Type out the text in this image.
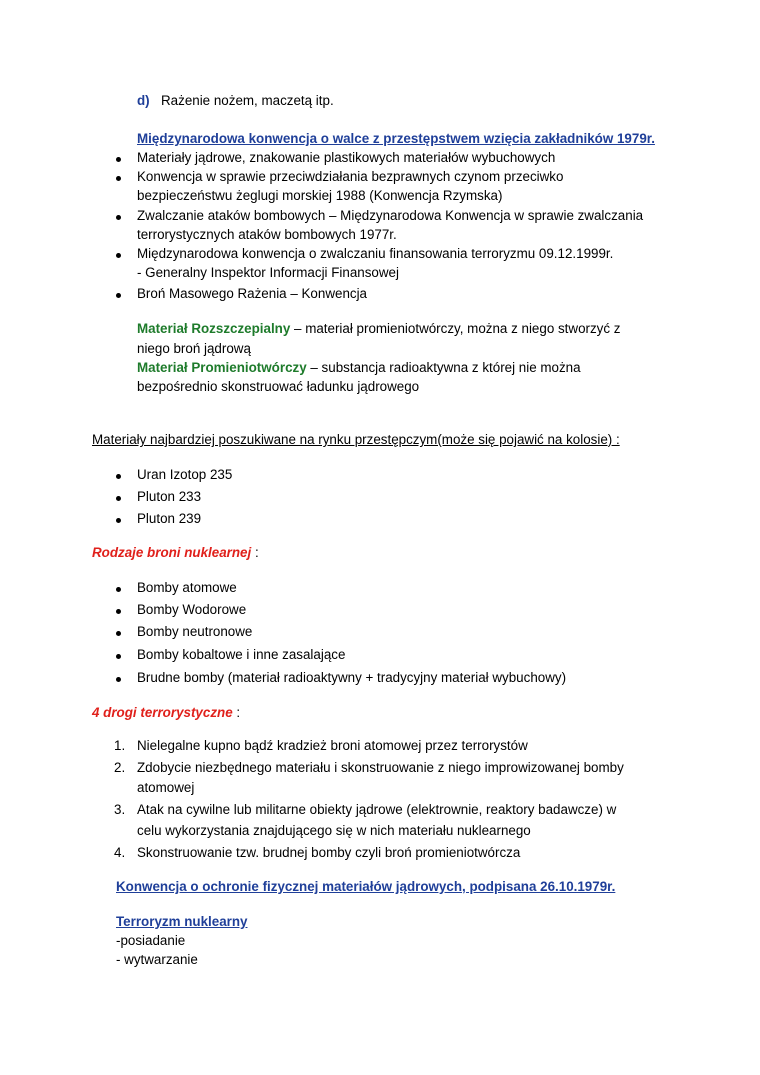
d) Rażenie nożem, maczetą itp.
Międzynarodowa konwencja o walce z przestępstwem wzięcia zakładników 1979r.
Materiały jądrowe, znakowanie plastikowych materiałów wybuchowych
Konwencja w sprawie przeciwdziałania bezprawnych czynom przeciwko
bezpieczeństwu żeglugi morskiej 1988 (Konwencja Rzymska)
Zwalczanie ataków bombowych – Międzynarodowa Konwencja w sprawie zwalczania
terrorystycznych ataków bombowych 1977r.
Międzynarodowa konwencja o zwalczaniu finansowania terroryzmu 09.12.1999r.
- Generalny Inspektor Informacji Finansowej
Broń Masowego Rażenia – Konwencja
Materiał Rozszczepialny – materiał promieniotwórczy, można z niego stworzyć z
niego broń jądrową
Materiał Promieniotwórczy – substancja radioaktywna z której nie można
bezpośrednio skonstruować ładunku jądrowego
Materiały najbardziej poszukiwane na rynku przestępczym(może się pojawić na kolosie) :
Uran Izotop 235
Pluton 233
Pluton 239
Rodzaje broni nuklearnej :
Bomby atomowe
Bomby Wodorowe
Bomby neutronowe
Bomby kobaltowe i inne zasalające
Brudne bomby (materiał radioaktywny + tradycyjny materiał wybuchowy)
4 drogi terrorystyczne :
1. Nielegalne kupno bądź kradzież broni atomowej przez terrorystów
2. Zdobycie niezbędnego materiału i skonstruowanie z niego improwizowanej bomby
atomowej
3. Atak na cywilne lub militarne obiekty jądrowe (elektrownie, reaktory badawcze) w
celu wykorzystania znajdującego się w nich materiału nuklearnego
4. Skonstruowanie tzw. brudnej bomby czyli broń promieniotwórcza
Konwencja o ochronie fizycznej materiałów jądrowych, podpisana 26.10.1979r.
Terroryzm nuklearny
-posiadanie
- wytwarzanie
